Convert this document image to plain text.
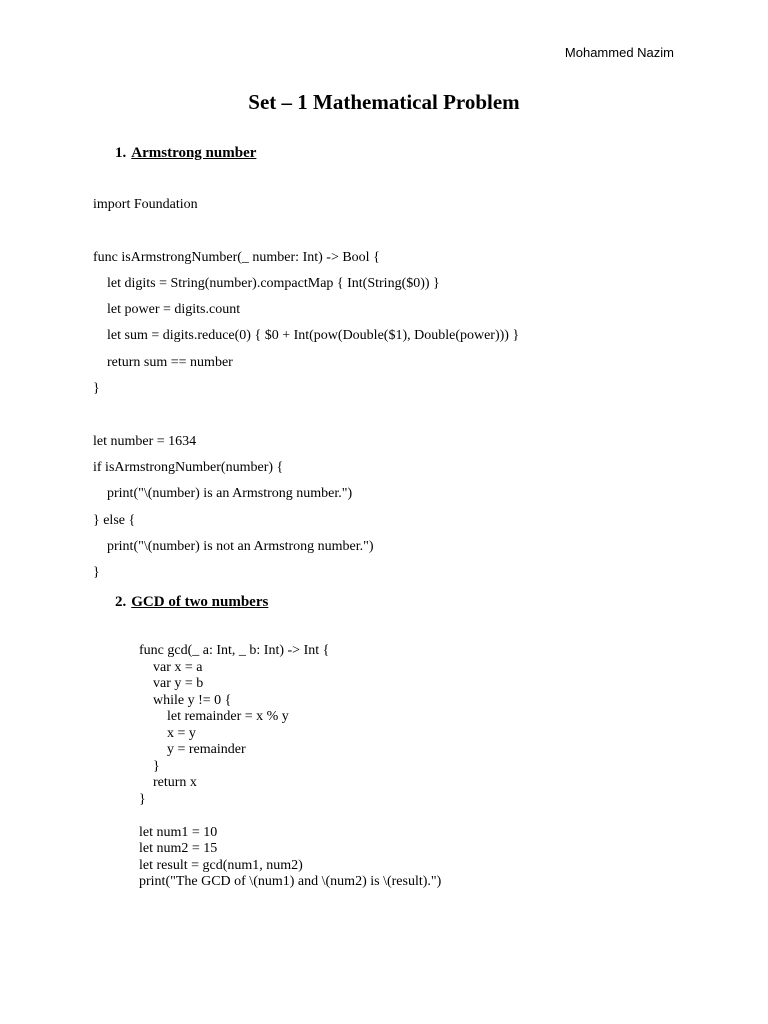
Mohammed Nazim
Set – 1 Mathematical Problem
1. Armstrong number
import Foundation
func isArmstrongNumber(_ number: Int) -> Bool {
let digits = String(number).compactMap { Int(String($0)) }
let power = digits.count
let sum = digits.reduce(0) { $0 + Int(pow(Double($1), Double(power))) }
return sum == number
}
let number = 1634
if isArmstrongNumber(number) {
print("\(number) is an Armstrong number.")
} else {
print("\(number) is not an Armstrong number.")
}
2. GCD of two numbers
func gcd(_ a: Int, _ b: Int) -> Int {
var x = a
var y = b
while y != 0 {
let remainder = x % y
x = y
y = remainder
}
return x
}
let num1 = 10
let num2 = 15
let result = gcd(num1, num2)
print("The GCD of \(num1) and \(num2) is \(result).")
